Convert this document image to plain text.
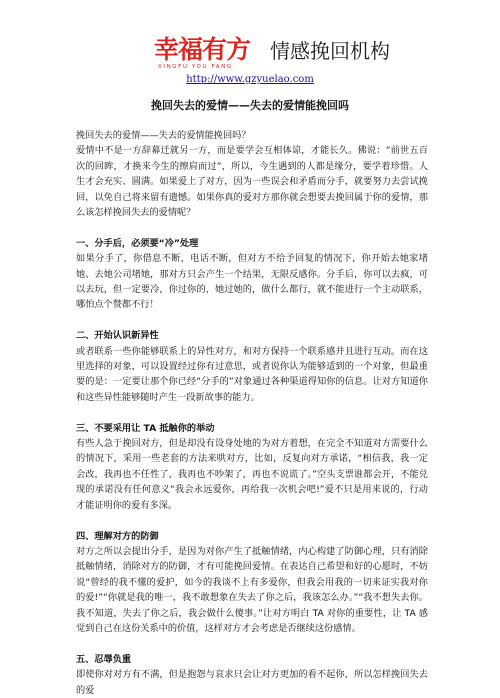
幸福有方
XINGFU YOU FANG
情感挽回机构
http://www.gzyuelao.com
挽回失去的爱情——失去的爱情能挽回吗

挽回失去的爱情——失去的爱情能挽回吗？

爱情中不是一方辞幕迁就另一方，而是要学会互相体谅，才能长久。佛说：“前世五百次的回眸，才换来今生的擦肩而过”，所以，今生遇到的人都是缘分，要学着珍惜。人生才会充实、圆满。如果爱上了对方，因为一些误会和矛盾而分手，就要努力去尝试挽回，以免自己将来留有遗憾。如果你真的爱对方那你就会想要去挽回属于你的爱情，那么该怎样挽回失去的爱情呢？

一、分手后，必须要“冷”处理

如果分手了，你借息不断，电话不断，但对方不给予回复的情况下，你开始去她家堵她、去她公司堵她，那对方只会产生一个结果，无限反感你。分手后，你可以去疯，可以去玩，但一定要冷，你过你的，她过她的，做什么都行，就不能进行一个主动联系，哪怕点个赞都不行！

二、开始认识新异性

或者联系一些你能够联系上的异性对方，和对方保持一个联系感并且进行互动。而在这里选择的对象，可以设置经过你有过意思，或者说你认为能够适到的一个对象，但最重要的是：一定要让那个你已经“分手的”对象通过各种渠道得知你的信息。让对方知道你和这些异性能够随时产生一段新故事的能力。

三、不要采用让 TA 抵触你的举动

有些人急于挽回对方，但是却没有设身处地的为对方着想，在完全不知道对方需要什么的情况下，采用一些老套的方法来哄对方，比如，反复向对方承诺，“相信我，我一定会改，我再也不任性了，我再也不吵架了，再也不说谎了。”空头支票谁都会开，不能兑现的承诺没有任何意义“我会永远爱你，再给我一次机会吧!”爱不只是用来说的，行动才能证明你的爱有多深。

四、理解对方的防御

对方之所以会提出分手，是因为对你产生了抵触情绪，内心构建了防御心理，只有消除抵触情绪，消除对方的防御，才有可能挽回爱情。在表达自己希望和好的心愿时，不妨说“曾经的我不懂的爱护，如今的我谈不上有多爱你，但我会用我的一切来证实我对你的爱!”“你就是我的唯一，我不敢想象在失去了你之后，我该怎么办。”“我不想失去你。我不知道，失去了你之后，我会做什么傻事。”让对方明白 TA 对你的重要性，让 TA 感觉到自己在这份关系中的价值，这样对方才会考虑是否继续这份感情。

五、忍辱负重

即使你对对方有不满，但是抱怨与哀求只会让对方更加的看不起你，所以怎样挽回失去的爱
